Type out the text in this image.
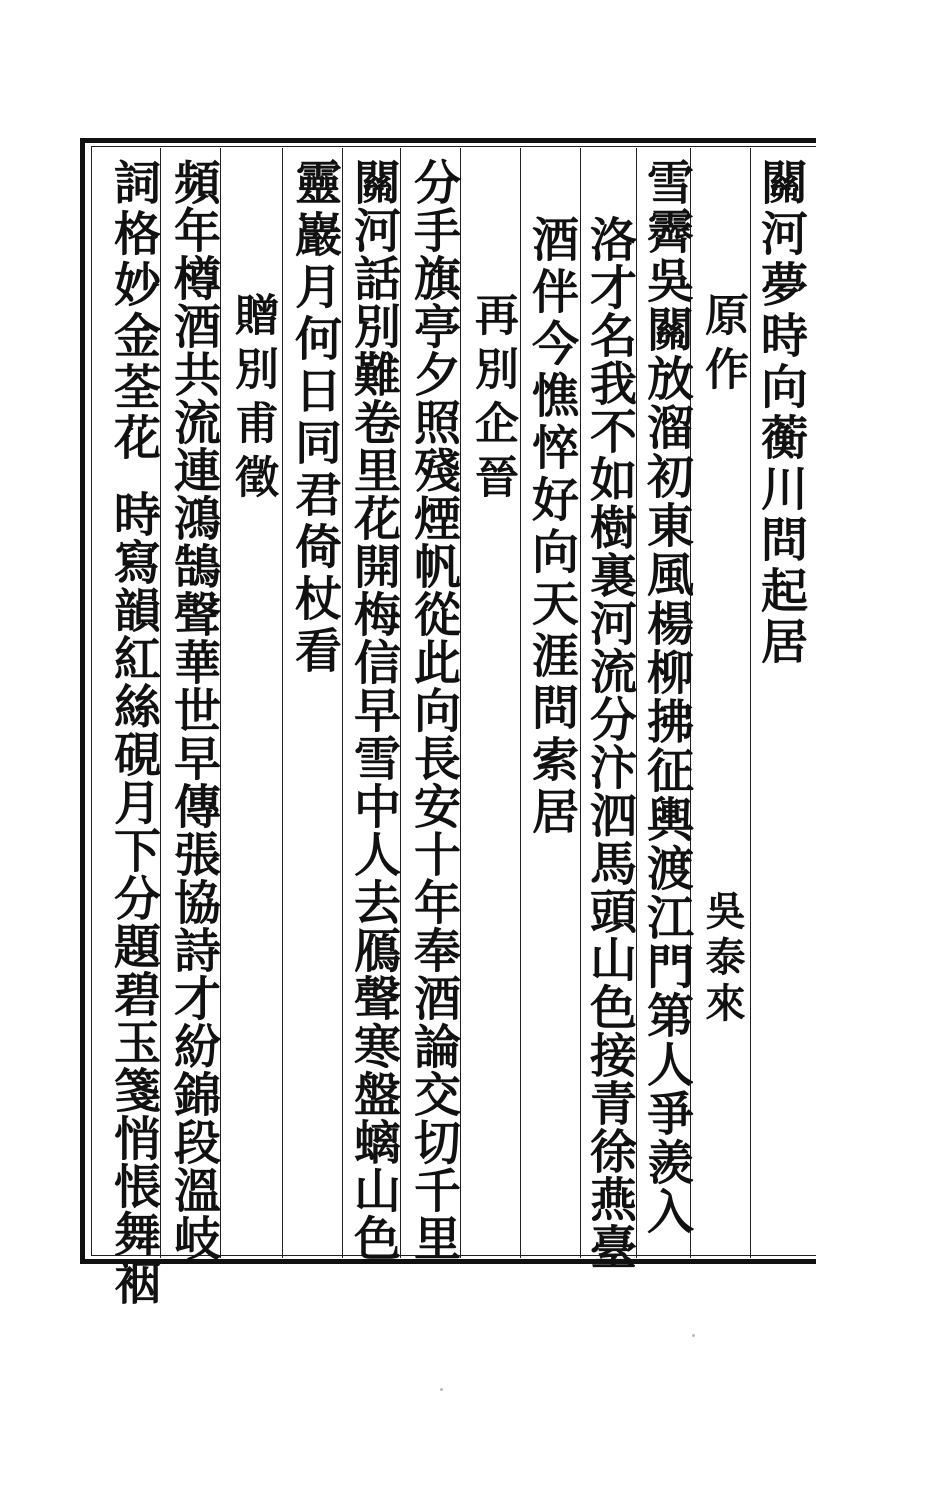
關河夢時向蘅川問起居
原作
吳泰來
雪霽吳關放溜初東風楊柳拂征輿渡江門第人爭羨入
洛才名我不如樹裏河流分汴泗馬頭山色接青徐燕臺
酒伴今憔悴好向天涯問索居
再別企晉
分手旗亭夕照殘煙帆從此向長安十年奉酒論交切千里
關河話別難卷里花開梅信早雪中人去鴈聲寒盤螭山色
靈巖月何日同君倚杖看
贈別甫徵
頻年樽酒共流連鴻鵠聲華世早傳張協詩才紛錦段溫岐
詞格妙金荃花
時寫韻紅絲硯月下分題碧玉箋悄悵舞裀
